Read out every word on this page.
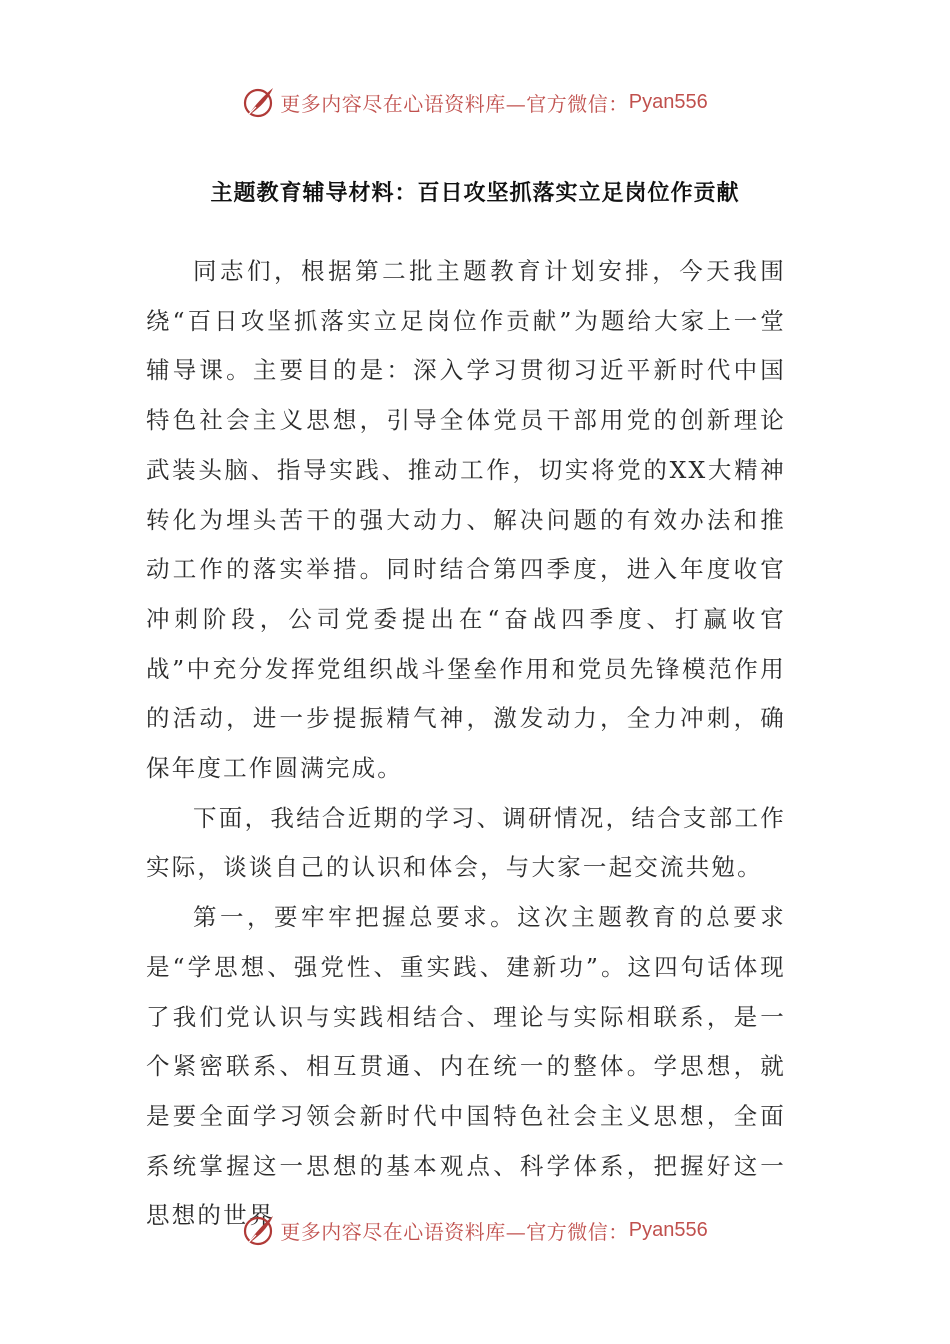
更多内容尽在心语资料库—官方微信： Pyan556
主题教育辅导材料：百日攻坚抓落实立足岗位作贡献

同志们，根据第二批主题教育计划安排，今天我围绕“百日攻坚抓落实立足岗位作贡献”为题给大家上一堂辅导课。主要目的是：深入学习贯彻习近平新时代中国特色社会主义思想，引导全体党员干部用党的创新理论武装头脑、指导实践、推动工作，切实将党的XX大精神转化为埋头苦干的强大动力、解决问题的有效办法和推动工作的落实举措。同时结合第四季度，进入年度收官冲刺阶段，公司党委提出在“奋战四季度、打赢收官战”中充分发挥党组织战斗堡垒作用和党员先锋模范作用的活动，进一步提振精气神，激发动力，全力冲刺，确保年度工作圆满完成。

下面，我结合近期的学习、调研情况，结合支部工作实际，谈谈自己的认识和体会，与大家一起交流共勉。

第一，要牢牢把握总要求。这次主题教育的总要求是“学思想、强党性、重实践、建新功”。这四句话体现了我们党认识与实践相结合、理论与实际相联系，是一个紧密联系、相互贯通、内在统一的整体。学思想，就是要全面学习领会新时代中国特色社会主义思想，全面系统掌握这一思想的基本观点、科学体系，把握好这一思想的世界

更多内容尽在心语资料库—官方微信： Pyan556
